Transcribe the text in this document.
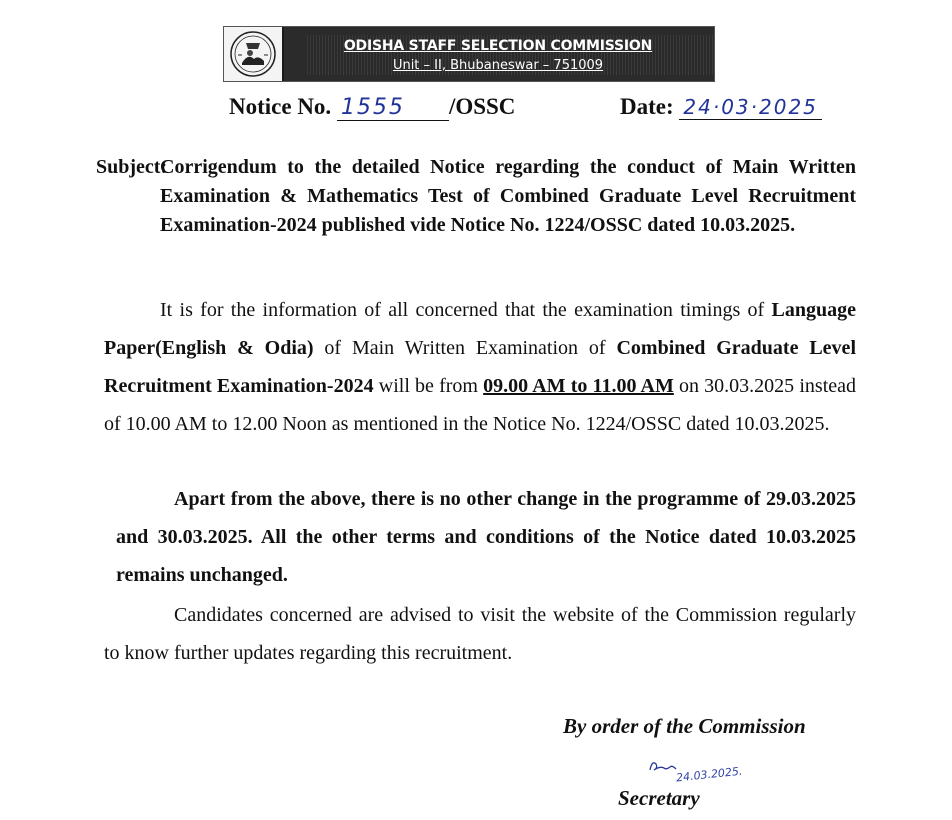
ODISHA STAFF SELECTION COMMISSION
Unit – II, Bhubaneswar – 751009
Notice No. 1555 /OSSC	Date: 24·03·2025
Subject:
Corrigendum to the detailed Notice regarding the conduct of Main Written Examination & Mathematics Test of Combined Graduate Level Recruitment Examination-2024 published vide Notice No. 1224/OSSC dated 10.03.2025.
It is for the information of all concerned that the examination timings of Language Paper(English & Odia) of Main Written Examination of Combined Graduate Level Recruitment Examination-2024 will be from 09.00 AM to 11.00 AM on 30.03.2025 instead of 10.00 AM to 12.00 Noon as mentioned in the Notice No. 1224/OSSC dated 10.03.2025.
Apart from the above, there is no other change in the programme of 29.03.2025 and 30.03.2025. All the other terms and conditions of the Notice dated 10.03.2025 remains unchanged.
Candidates concerned are advised to visit the website of the Commission regularly to know further updates regarding this recruitment.
By order of the Commission
24.03.2025.
Secretary
